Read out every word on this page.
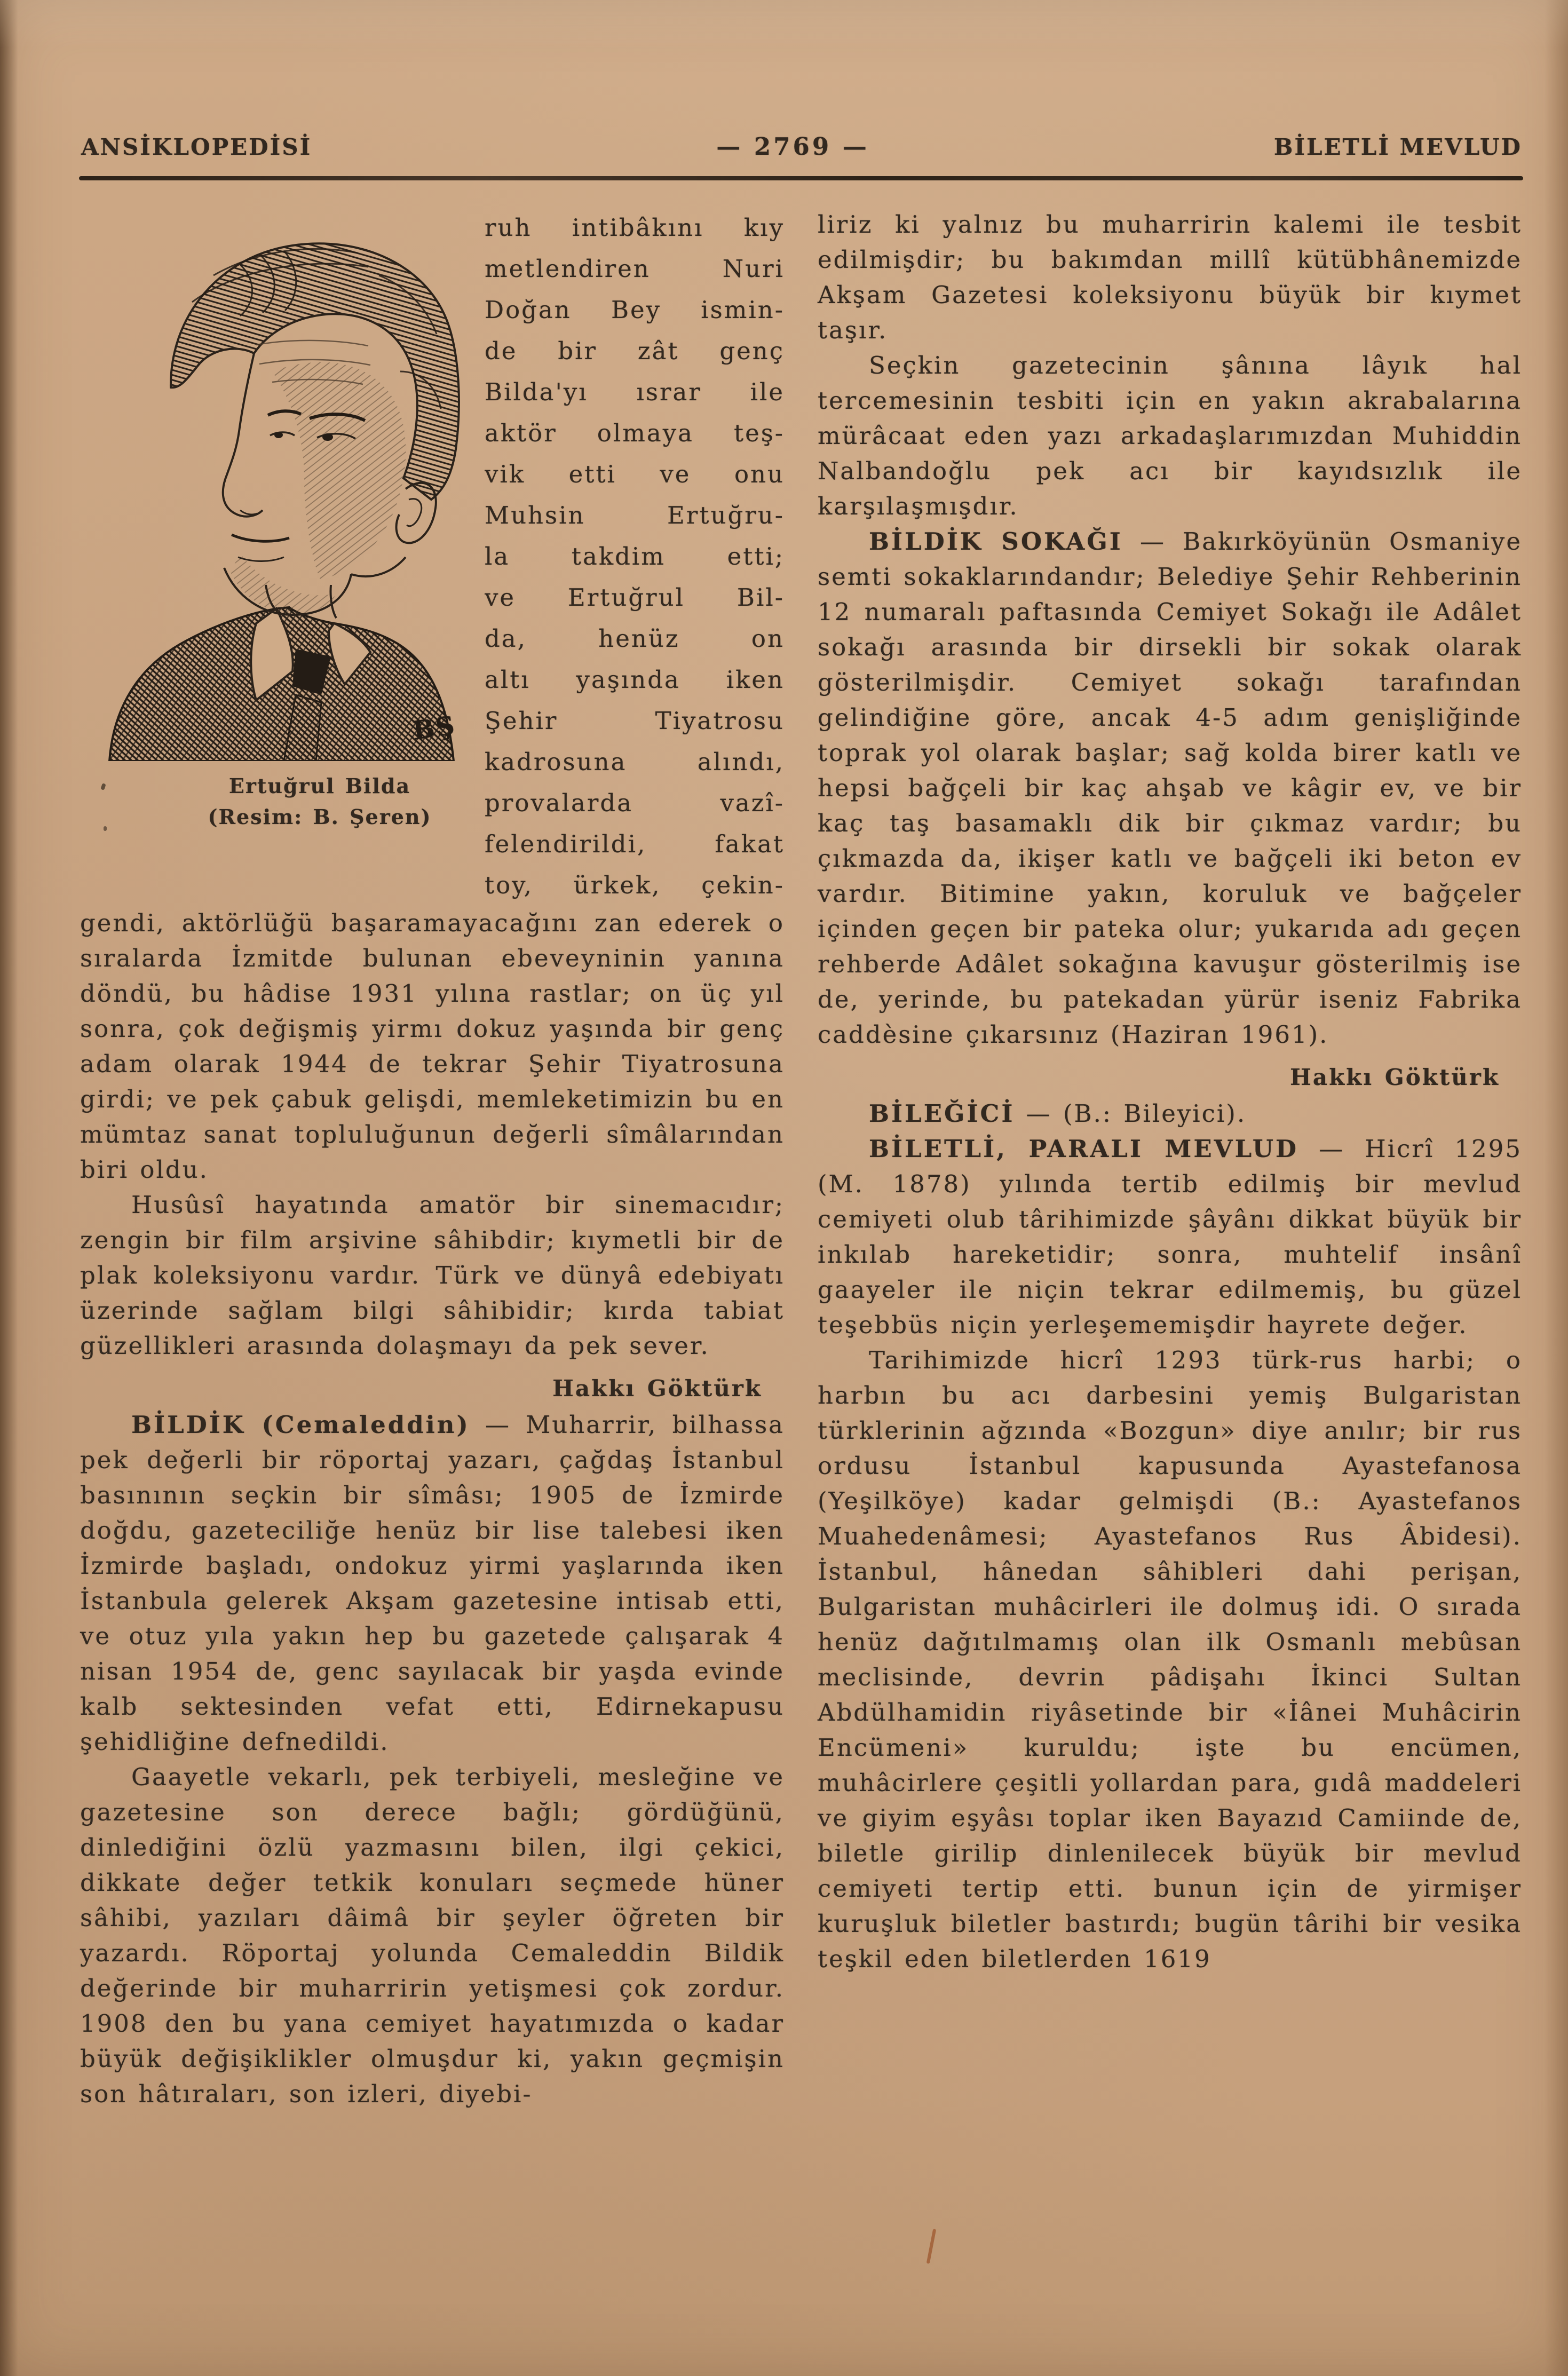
ANSİKLOPEDİSİ	— 2769 —	BİLETLİ MEVLUD
BŞ
Ertuğrul Bilda
(Resim: B. Şeren)
ruh intibâkını kıy
metlendiren Nuri
Doğan Bey ismin-
de bir zât genç
Bilda'yı ısrar ile
aktör olmaya teş-
vik etti ve onu
Muhsin Ertuğru-
la takdim etti;
ve Ertuğrul Bil-
da, henüz on
altı yaşında iken
Şehir Tiyatrosu
kadrosuna alındı,
provalarda vazî-
felendirildi, fakat
toy, ürkek, çekin-

gendi, aktörlüğü başaramayacağını zan ederek o sıralarda İzmitde bulunan ebeveyninin yanına döndü, bu hâdise 1931 yılına rastlar; on üç yıl sonra, çok değişmiş yirmı dokuz yaşında bir genç adam olarak 1944 de tekrar Şehir Tiyatrosuna girdi; ve pek çabuk gelişdi, memleketimizin bu en mümtaz sanat topluluğunun değerli sîmâlarından biri oldu.

Husûsî hayatında amatör bir sinemacıdır; zengin bir film arşivine sâhibdir; kıymetli bir de plak koleksiyonu vardır. Türk ve dünyâ edebiyatı üzerinde sağlam bilgi sâhibidir; kırda tabiat güzellikleri arasında dolaşmayı da pek sever.

Hakkı Göktürk

BİLDİK (Cemaleddin) — Muharrir, bilhassa pek değerli bir röportaj yazarı, çağdaş İstanbul basınının seçkin bir sîmâsı; 1905 de İzmirde doğdu, gazeteciliğe henüz bir lise talebesi iken İzmirde başladı, ondokuz yirmi yaşlarında iken İstanbula gelerek Akşam gazetesine intisab etti, ve otuz yıla yakın hep bu gazetede çalışarak 4 nisan 1954 de, genc sayılacak bir yaşda evinde kalb sektesinden vefat etti, Edirnekapusu şehidliğine defnedildi.

Gaayetle vekarlı, pek terbiyeli, mesleğine ve gazetesine son derece bağlı; gördüğünü, dinlediğini özlü yazmasını bilen, ilgi çekici, dikkate değer tetkik konuları seçmede hüner sâhibi, yazıları dâimâ bir şeyler öğreten bir yazardı. Röportaj yolunda Cemaleddin Bildik değerinde bir muharririn yetişmesi çok zordur. 1908 den bu yana cemiyet hayatımızda o kadar büyük değişiklikler olmuşdur ki, yakın geçmişin son hâtıraları, son izleri, diyebi-

liriz ki yalnız bu muharririn kalemi ile tesbit edilmişdir; bu bakımdan millî kütübhânemizde Akşam Gazetesi koleksiyonu büyük bir kıymet taşır.

Seçkin gazetecinin şânına lâyık hal tercemesinin tesbiti için en yakın akrabalarına mürâcaat eden yazı arkadaşlarımızdan Muhiddin Nalbandoğlu pek acı bir kayıdsızlık ile karşılaşmışdır.

BİLDİK SOKAĞI — Bakırköyünün Osmaniye semti sokaklarındandır; Belediye Şehir Rehberinin 12 numaralı paftasında Cemiyet Sokağı ile Adâlet sokağı arasında bir dirsekli bir sokak olarak gösterilmişdir. Cemiyet sokağı tarafından gelindiğine göre, ancak 4-5 adım genişliğinde toprak yol olarak başlar; sağ kolda birer katlı ve hepsi bağçeli bir kaç ahşab ve kâgir ev, ve bir kaç taş basamaklı dik bir çıkmaz vardır; bu çıkmazda da, ikişer katlı ve bağçeli iki beton ev vardır. Bitimine yakın, koruluk ve bağçeler içinden geçen bir pateka olur; yukarıda adı geçen rehberde Adâlet sokağına kavuşur gösterilmiş ise de, yerinde, bu patekadan yürür iseniz Fabrika caddèsine çıkarsınız (Haziran 1961).

Hakkı Göktürk

BİLEĞİCİ — (B.: Bileyici).

BİLETLİ, PARALI MEVLUD — Hicrî 1295 (M. 1878) yılında tertib edilmiş bir mevlud cemiyeti olub târihimizde şâyânı dikkat büyük bir inkılab hareketidir; sonra, muhtelif insânî gaayeler ile niçin tekrar edilmemiş, bu güzel teşebbüs niçin yerleşememişdir hayrete değer.

Tarihimizde hicrî 1293 türk-rus harbi; o harbın bu acı darbesini yemiş Bulgaristan türklerinin ağzında «Bozgun» diye anılır; bir rus ordusu İstanbul kapusunda Ayastefanosa (Yeşilköye) kadar gelmişdi (B.: Ayastefanos Muahedenâmesi; Ayastefanos Rus Âbidesi). İstanbul, hânedan sâhibleri dahi perişan, Bulgaristan muhâcirleri ile dolmuş idi. O sırada henüz dağıtılmamış olan ilk Osmanlı mebûsan meclisinde, devrin pâdişahı İkinci Sultan Abdülhamidin riyâsetinde bir «İânei Muhâcirin Encümeni» kuruldu; işte bu encümen, muhâcirlere çeşitli yollardan para, gıdâ maddeleri ve giyim eşyâsı toplar iken Bayazıd Camiinde de, biletle girilip dinlenilecek büyük bir mevlud cemiyeti tertip etti. bunun için de yirmişer kuruşluk biletler bastırdı; bugün târihi bir vesika teşkil eden biletlerden 1619
